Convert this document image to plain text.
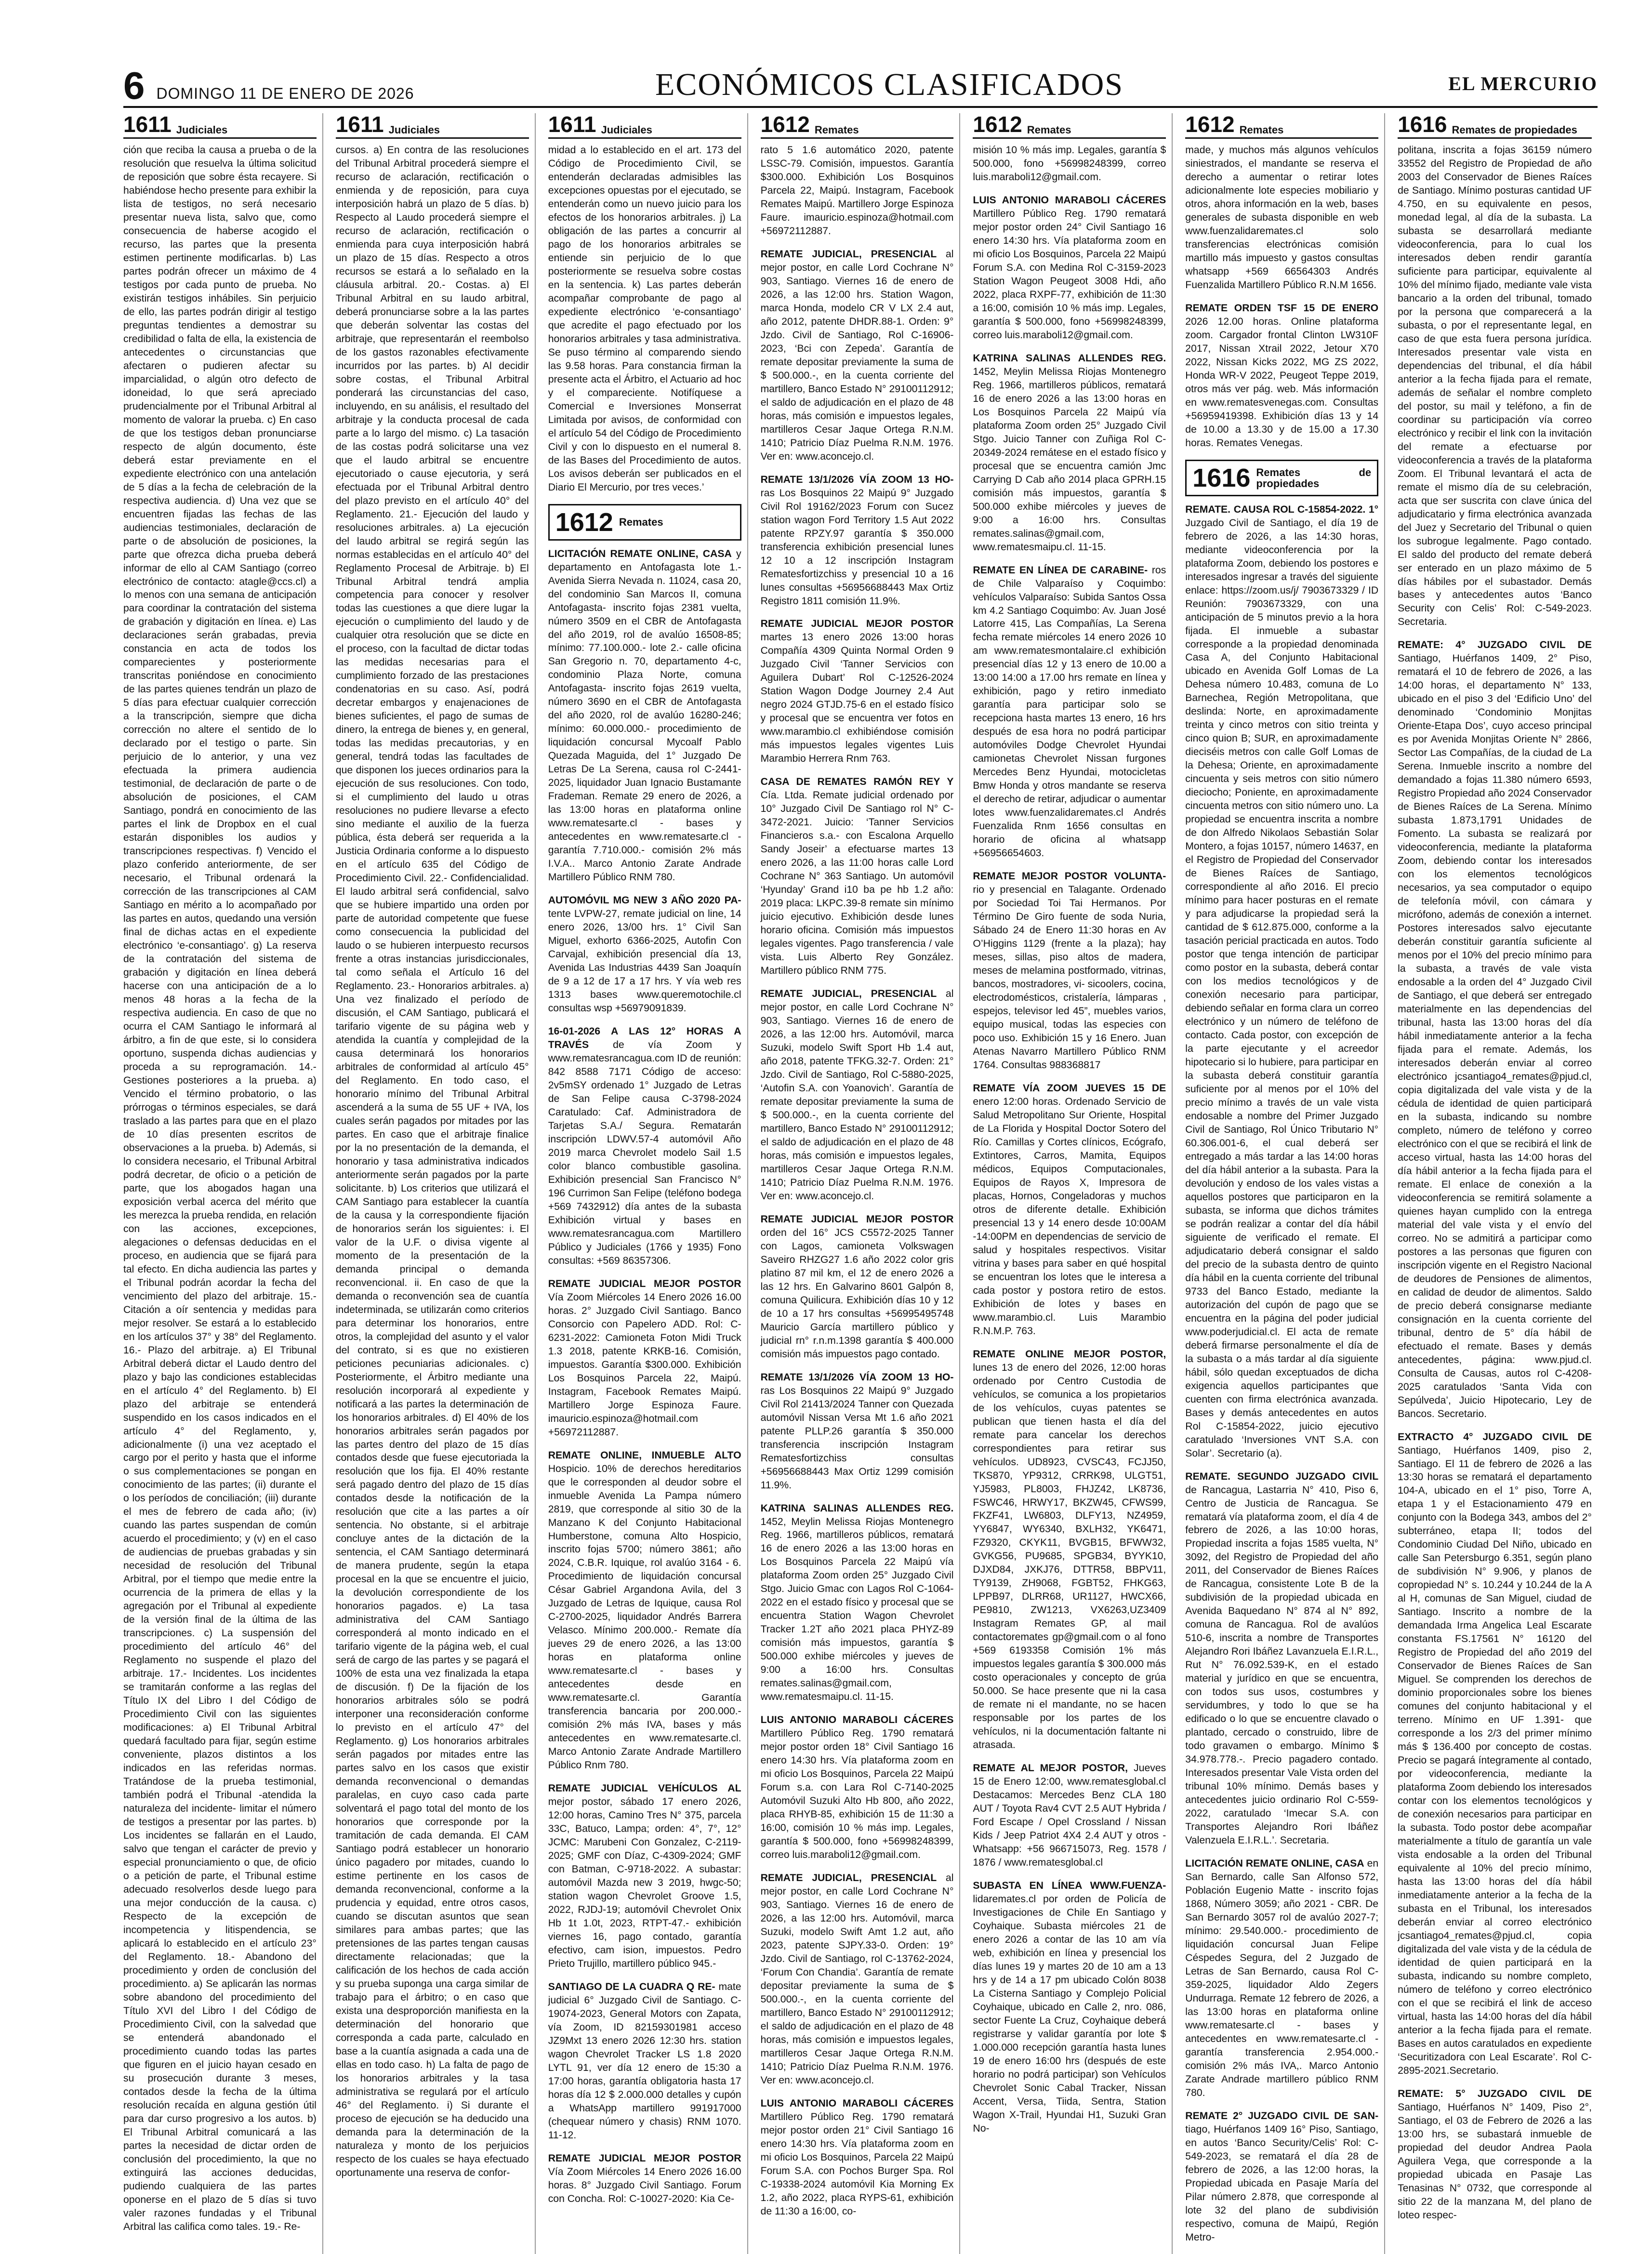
6 DOMINGO 11 DE ENERO DE 2026	ECONÓMICOS CLASIFICADOS	EL MERCURIO
1611 Judiciales

ción que reciba la causa a prueba o de la resolución que resuelva la última solicitud de reposición que sobre ésta recayere. Si habiéndose hecho presente para exhibir la lista de testigos, no será necesario presentar nueva lista, salvo que, como consecuencia de haberse acogido el recurso, las partes que la presenta estimen pertinente modificarlas. b) Las partes podrán ofrecer un máximo de 4 testigos por cada punto de prueba. No existirán testigos inhábiles. Sin perjuicio de ello, las partes podrán dirigir al testigo preguntas tendientes a demostrar su credibilidad o falta de ella, la existencia de antecedentes o circunstancias que afectaren o pudieren afectar su imparcialidad, o algún otro defecto de idoneidad, lo que será apreciado prudencialmente por el Tribunal Arbitral al momento de valorar la prueba. c) En caso de que los testigos deban pronunciarse respecto de algún documento, éste deberá estar previamente en el expediente electrónico con una antelación de 5 días a la fecha de celebración de la respectiva audiencia. d) Una vez que se encuentren fijadas las fechas de las audiencias testimoniales, declaración de parte o de absolución de posiciones, la parte que ofrezca dicha prueba deberá informar de ello al CAM Santiago (correo electrónico de contacto: atagle@ccs.cl) a lo menos con una semana de anticipación para coordinar la contratación del sistema de grabación y digitación en línea. e) Las declaraciones serán grabadas, previa constancia en acta de todos los comparecientes y posteriormente transcritas poniéndose en conocimiento de las partes quienes tendrán un plazo de 5 días para efectuar cualquier corrección a la transcripción, siempre que dicha corrección no altere el sentido de lo declarado por el testigo o parte. Sin perjuicio de lo anterior, y una vez efectuada la primera audiencia testimonial, de declaración de parte o de absolución de posiciones, el CAM Santiago, pondrá en conocimiento de las partes el link de Dropbox en el cual estarán disponibles los audios y transcripciones respectivas. f) Vencido el plazo conferido anteriormente, de ser necesario, el Tribunal ordenará la corrección de las transcripciones al CAM Santiago en mérito a lo acompañado por las partes en autos, quedando una versión final de dichas actas en el expediente electrónico ‘e-consantiago’. g) La reserva de la contratación del sistema de grabación y digitación en línea deberá hacerse con una anticipación de a lo menos 48 horas a la fecha de la respectiva audiencia. En caso de que no ocurra el CAM Santiago le informará al árbitro, a fin de que este, si lo considera oportuno, suspenda dichas audiencias y proceda a su reprogramación. 14.- Gestiones posteriores a la prueba. a) Vencido el término probatorio, o las prórrogas o términos especiales, se dará traslado a las partes para que en el plazo de 10 días presenten escritos de observaciones a la prueba. b) Además, si lo considera necesario, el Tribunal Arbitral podrá decretar, de oficio o a petición de parte, que los abogados hagan una exposición verbal acerca del mérito que les merezca la prueba rendida, en relación con las acciones, excepciones, alegaciones o defensas deducidas en el proceso, en audiencia que se fijará para tal efecto. En dicha audiencia las partes y el Tribunal podrán acordar la fecha del vencimiento del plazo del arbitraje. 15.- Citación a oír sentencia y medidas para mejor resolver. Se estará a lo establecido en los artículos 37° y 38° del Reglamento. 16.- Plazo del arbitraje. a) El Tribunal Arbitral deberá dictar el Laudo dentro del plazo y bajo las condiciones establecidas en el artículo 4° del Reglamento. b) El plazo del arbitraje se entenderá suspendido en los casos indicados en el artículo 4° del Reglamento, y, adicionalmente (i) una vez aceptado el cargo por el perito y hasta que el informe o sus complementaciones se pongan en conocimiento de las partes; (ii) durante el o los períodos de conciliación; (iii) durante el mes de febrero de cada año; (iv) cuando las partes suspendan de común acuerdo el procedimiento; y (v) en el caso de audiencias de pruebas grabadas y sin necesidad de resolución del Tribunal Arbitral, por el tiempo que medie entre la ocurrencia de la primera de ellas y la agregación por el Tribunal al expediente de la versión final de la última de las transcripciones. c) La suspensión del procedimiento del artículo 46° del Reglamento no suspende el plazo del arbitraje. 17.- Incidentes. Los incidentes se tramitarán conforme a las reglas del Título IX del Libro I del Código de Procedimiento Civil con las siguientes modificaciones: a) El Tribunal Arbitral quedará facultado para fijar, según estime conveniente, plazos distintos a los indicados en las referidas normas. Tratándose de la prueba testimonial, también podrá el Tribunal -atendida la naturaleza del incidente- limitar el número de testigos a presentar por las partes. b) Los incidentes se fallarán en el Laudo, salvo que tengan el carácter de previo y especial pronunciamiento o que, de oficio o a petición de parte, el Tribunal estime adecuado resolverlos desde luego para una mejor conducción de la causa. c) Respecto de la excepción de incompetencia y litispendencia, se aplicará lo establecido en el artículo 23° del Reglamento. 18.- Abandono del procedimiento y orden de conclusión del procedimiento. a) Se aplicarán las normas sobre abandono del procedimiento del Título XVI del Libro I del Código de Procedimiento Civil, con la salvedad que se entenderá abandonado el procedimiento cuando todas las partes que figuren en el juicio hayan cesado en su prosecución durante 3 meses, contados desde la fecha de la última resolución recaída en alguna gestión útil para dar curso progresivo a los autos. b) El Tribunal Arbitral comunicará a las partes la necesidad de dictar orden de conclusión del procedimiento, la que no extinguirá las acciones deducidas, pudiendo cualquiera de las partes oponerse en el plazo de 5 días si tuvo valer razones fundadas y el Tribunal Arbitral las califica como tales. 19.- Re-

1611 Judiciales

cursos. a) En contra de las resoluciones del Tribunal Arbitral procederá siempre el recurso de aclaración, rectificación o enmienda y de reposición, para cuya interposición habrá un plazo de 5 días. b) Respecto al Laudo procederá siempre el recurso de aclaración, rectificación o enmienda para cuya interposición habrá un plazo de 15 días. Respecto a otros recursos se estará a lo señalado en la cláusula arbitral. 20.- Costas. a) El Tribunal Arbitral en su laudo arbitral, deberá pronunciarse sobre a la las partes que deberán solventar las costas del arbitraje, que representarán el reembolso de los gastos razonables efectivamente incurridos por las partes. b) Al decidir sobre costas, el Tribunal Arbitral ponderará las circunstancias del caso, incluyendo, en su análisis, el resultado del arbitraje y la conducta procesal de cada parte a lo largo del mismo. c) La tasación de las costas podrá solicitarse una vez que el laudo arbitral se encuentre ejecutoriado o cause ejecutoria, y será efectuada por el Tribunal Arbitral dentro del plazo previsto en el artículo 40° del Reglamento. 21.- Ejecución del laudo y resoluciones arbitrales. a) La ejecución del laudo arbitral se regirá según las normas establecidas en el artículo 40° del Reglamento Procesal de Arbitraje. b) El Tribunal Arbitral tendrá amplia competencia para conocer y resolver todas las cuestiones a que diere lugar la ejecución o cumplimiento del laudo y de cualquier otra resolución que se dicte en el proceso, con la facultad de dictar todas las medidas necesarias para el cumplimiento forzado de las prestaciones condenatorias en su caso. Así, podrá decretar embargos y enajenaciones de bienes suficientes, el pago de sumas de dinero, la entrega de bienes y, en general, todas las medidas precautorias, y en general, tendrá todas las facultades de que disponen los jueces ordinarios para la ejecución de sus resoluciones. Con todo, si el cumplimiento del laudo u otras resoluciones no pudiere llevarse a efecto sino mediante el auxilio de la fuerza pública, ésta deberá ser requerida a la Justicia Ordinaria conforme a lo dispuesto en el artículo 635 del Código de Procedimiento Civil. 22.- Confidencialidad. El laudo arbitral será confidencial, salvo que se hubiere impartido una orden por parte de autoridad competente que fuese como consecuencia la publicidad del laudo o se hubieren interpuesto recursos frente a otras instancias jurisdiccionales, tal como señala el Artículo 16 del Reglamento. 23.- Honorarios arbitrales. a) Una vez finalizado el período de discusión, el CAM Santiago, publicará el tarifario vigente de su página web y atendida la cuantía y complejidad de la causa determinará los honorarios arbitrales de conformidad al artículo 45° del Reglamento. En todo caso, el honorario mínimo del Tribunal Arbitral ascenderá a la suma de 55 UF + IVA, los cuales serán pagados por mitades por las partes. En caso que el arbitraje finalice por la no presentación de la demanda, el honorario y tasa administrativa indicados anteriormente serán pagados por la parte solicitante. b) Los criterios que utilizará el CAM Santiago para establecer la cuantía de la causa y la correspondiente fijación de honorarios serán los siguientes: i. El valor de la U.F. o divisa vigente al momento de la presentación de la demanda principal o demanda reconvencional. ii. En caso de que la demanda o reconvención sea de cuantía indeterminada, se utilizarán como criterios para determinar los honorarios, entre otros, la complejidad del asunto y el valor del contrato, si es que no existieren peticiones pecuniarias adicionales. c) Posteriormente, el Árbitro mediante una resolución incorporará al expediente y notificará a las partes la determinación de los honorarios arbitrales. d) El 40% de los honorarios arbitrales serán pagados por las partes dentro del plazo de 15 días contados desde que fuese ejecutoriada la resolución que los fija. El 40% restante será pagado dentro del plazo de 15 días contados desde la notificación de la resolución que cite a las partes a oír sentencia. No obstante, si el arbitraje concluye antes de la dictación de la sentencia, el CAM Santiago determinará de manera prudente, según la etapa procesal en la que se encuentre el juicio, la devolución correspondiente de los honorarios pagados. e) La tasa administrativa del CAM Santiago corresponderá al monto indicado en el tarifario vigente de la página web, el cual será de cargo de las partes y se pagará el 100% de esta una vez finalizada la etapa de discusión. f) De la fijación de los honorarios arbitrales sólo se podrá interponer una reconsideración conforme lo previsto en el artículo 47° del Reglamento. g) Los honorarios arbitrales serán pagados por mitades entre las partes salvo en los casos que existir demanda reconvencional o demandas paralelas, en cuyo caso cada parte solventará el pago total del monto de los honorarios que corresponde por la tramitación de cada demanda. El CAM Santiago podrá establecer un honorario único pagadero por mitades, cuando lo estime pertinente en los casos de demanda reconvencional, conforme a la prudencia y equidad, entre otros casos, cuando se discutan asuntos que sean similares para ambas partes; que las pretensiones de las partes tengan causas directamente relacionadas; que la calificación de los hechos de cada acción y su prueba suponga una carga similar de trabajo para el árbitro; o en caso que exista una desproporción manifiesta en la determinación del honorario que corresponda a cada parte, calculado en base a la cuantía asignada a cada una de ellas en todo caso. h) La falta de pago de los honorarios arbitrales y la tasa administrativa se regulará por el artículo 46° del Reglamento. i) Si durante el proceso de ejecución se ha deducido una demanda para la determinación de la naturaleza y monto de los perjuicios respecto de los cuales se haya efectuado oportunamente una reserva de confor-

1611 Judiciales

midad a lo establecido en el art. 173 del Código de Procedimiento Civil, se entenderán declaradas admisibles las excepciones opuestas por el ejecutado, se entenderán como un nuevo juicio para los efectos de los honorarios arbitrales. j) La obligación de las partes a concurrir al pago de los honorarios arbitrales se entiende sin perjuicio de lo que posteriormente se resuelva sobre costas en la sentencia. k) Las partes deberán acompañar comprobante de pago al expediente electrónico ‘e-consantiago’ que acredite el pago efectuado por los honorarios arbitrales y tasa administrativa. Se puso término al comparendo siendo las 9.58 horas. Para constancia firman la presente acta el Árbitro, el Actuario ad hoc y el compareciente. Notifíquese a Comercial e Inversiones Monserrat Limitada por avisos, de conformidad con el artículo 54 del Código de Procedimiento Civil y con lo dispuesto en el numeral 8. de las Bases del Procedimiento de autos. Los avisos deberán ser publicados en el Diario El Mercurio, por tres veces.’

1612 Remates

LICITACIÓN REMATE ONLINE, CASA y departamento en Antofagasta lote 1.- Avenida Sierra Nevada n. 11024, casa 20, del condominio San Marcos II, comuna Antofagasta- inscrito fojas 2381 vuelta, número 3509 en el CBR de Antofagasta del año 2019, rol de avalúo 16508-85; mínimo: 77.100.000.- lote 2.- calle oficina San Gregorio n. 70, departamento 4-c, condominio Plaza Norte, comuna Antofagasta- inscrito fojas 2619 vuelta, número 3690 en el CBR de Antofagasta del año 2020, rol de avalúo 16280-246; mínimo: 60.000.000.- procedimiento de liquidación concursal Mycoalf Pablo Quezada Maguida, del 1° Juzgado De Letras De La Serena, causa rol C-2441-2025, liquidador Juan Ignacio Bustamante Frademan. Remate 29 enero de 2026, a las 13:00 horas en plataforma online www.rematesarte.cl - bases y antecedentes en www.rematesarte.cl - garantía 7.710.000.- comisión 2% más I.V.A.. Marco Antonio Zarate Andrade Martillero Público RNM 780.

AUTOMÓVIL MG NEW 3 AÑO 2020 PA- tente LVPW-27, remate judicial on line, 14 enero 2026, 13/00 hrs. 1° Civil San Miguel, exhorto 6366-2025, Autofin Con Carvajal, exhibición presencial día 13, Avenida Las Industrias 4439 San Joaquín de 9 a 12 de 17 a 17 hrs. Y vía web res 1313 bases www.queremotochile.cl consultas wsp +56979091839.

16-01-2026 A LAS 12° HORAS A TRAVÉS de vía Zoom y www.rematesrancagua.com ID de reunión: 842 8588 7171 Código de acceso: 2v5mSY ordenado 1° Juzgado de Letras de San Felipe causa C-3798-2024 Caratulado: Caf. Administradora de Tarjetas S.A./ Segura. Rematarán inscripción LDWV.57-4 automóvil Año 2019 marca Chevrolet modelo Sail 1.5 color blanco combustible gasolina. Exhibición presencial San Francisco N° 196 Currimon San Felipe (teléfono bodega +569 7432912) día antes de la subasta Exhibición virtual y bases en www.rematesrancagua.com Martillero Público y Judiciales (1766 y 1935) Fono consultas: +569 86357306.

REMATE JUDICIAL MEJOR POSTOR Vía Zoom Miércoles 14 Enero 2026 16.00 horas. 2° Juzgado Civil Santiago. Banco Consorcio con Papelero ADD. Rol: C-6231-2022: Camioneta Foton Midi Truck 1.3 2018, patente KRKB-16. Comisión, impuestos. Garantía $300.000. Exhibición Los Bosquinos Parcela 22, Maipú. Instagram, Facebook Remates Maipú. Martillero Jorge Espinoza Faure. imauricio.espinoza@hotmail.com +56972112887.

REMATE ONLINE, INMUEBLE ALTO Hospicio. 10% de derechos hereditarios que le corresponden al deudor sobre el inmueble Avenida La Pampa número 2819, que corresponde al sitio 30 de la Manzano K del Conjunto Habitacional Humberstone, comuna Alto Hospicio, inscrito fojas 5700; número 3861; año 2024, C.B.R. Iquique, rol avalúo 3164 - 6. Procedimiento de liquidación concursal César Gabriel Argandona Avila, del 3 Juzgado de Letras de Iquique, causa Rol C-2700-2025, liquidador Andrés Barrera Velasco. Mínimo 200.000.- Remate día jueves 29 de enero 2026, a las 13:00 horas en plataforma online www.rematesarte.cl - bases y antecedentes desde en www.rematesarte.cl. Garantía transferencia bancaria por 200.000.- comisión 2% más IVA, bases y más antecedentes en www.rematesarte.cl. Marco Antonio Zarate Andrade Martillero Público Rnm 780.

REMATE JUDICIAL VEHÍCULOS AL mejor postor, sábado 17 enero 2026, 12:00 horas, Camino Tres N° 375, parcela 33C, Batuco, Lampa; orden: 4°, 7°, 12° JCMC: Marubeni Con Gonzalez, C-2119-2025; GMF con Díaz, C-4309-2024; GMF con Batman, C-9718-2022. A subastar: automóvil Mazda new 3 2019, hwgc-50; station wagon Chevrolet Groove 1.5, 2022, RJDJ-19; automóvil Chevrolet Onix Hb 1t 1.0t, 2023, RTPT-47.- exhibición viernes 16, pago contado, garantía efectivo, cam ision, impuestos. Pedro Prieto Trujillo, martillero público 945.-

SANTIAGO DE LA CUADRA Q RE- mate judicial 6° Juzgado Civil de Santiago. C-19074-2023, General Motors con Zapata, vía Zoom, ID 82159301981 acceso JZ9Mxt 13 enero 2026 12:30 hrs. station wagon Chevrolet Tracker LS 1.8 2020 LYTL 91, ver día 12 enero de 15:30 a 17:00 horas, garantía obligatoria hasta 17 horas día 12 $ 2.000.000 detalles y cupón a WhatsApp martillero 991917000 (chequear número y chasis) RNM 1070. 11-12.

REMATE JUDICIAL MEJOR POSTOR Vía Zoom Miércoles 14 Enero 2026 16.00 horas. 8° Juzgado Civil Santiago. Forum con Concha. Rol: C-10027-2020: Kia Ce-

1612 Remates

rato 5 1.6 automático 2020, patente LSSC-79. Comisión, impuestos. Garantía $300.000. Exhibición Los Bosquinos Parcela 22, Maipú. Instagram, Facebook Remates Maipú. Martillero Jorge Espinoza Faure. imauricio.espinoza@hotmail.com +56972112887.

REMATE JUDICIAL, PRESENCIAL al mejor postor, en calle Lord Cochrane N° 903, Santiago. Viernes 16 de enero de 2026, a las 12:00 hrs. Station Wagon, marca Honda, modelo CR V LX 2.4 aut, año 2012, patente DHDR.88-1. Orden: 9° Jzdo. Civil de Santiago, Rol C-16906-2023, ‘Bci con Zepeda’. Garantía de remate depositar previamente la suma de $ 500.000.-, en la cuenta corriente del martillero, Banco Estado N° 29100112912; el saldo de adjudicación en el plazo de 48 horas, más comisión e impuestos legales, martilleros Cesar Jaque Ortega R.N.M. 1410; Patricio Díaz Puelma R.N.M. 1976. Ver en: www.aconcejo.cl.

REMATE 13/1/2026 VÍA ZOOM 13 HO- ras Los Bosquinos 22 Maipú 9° Juzgado Civil Rol 19162/2023 Forum con Sucez station wagon Ford Territory 1.5 Aut 2022 patente RPZY.97 garantía $ 350.000 transferencia exhibición presencial lunes 12 10 a 12 inscripción Instagram Rematesfortizchiss y presencial 10 a 16 lunes consultas +56956688443 Max Ortiz Registro 1811 comisión 11.9%.

REMATE JUDICIAL MEJOR POSTOR martes 13 enero 2026 13:00 horas Compañía 4309 Quinta Normal Orden 9 Juzgado Civil ‘Tanner Servicios con Aguilera Dubart’ Rol C-12526-2024 Station Wagon Dodge Journey 2.4 Aut negro 2024 GTJD.75-6 en el estado físico y procesal que se encuentra ver fotos en www.marambio.cl exhibiéndose comisión más impuestos legales vigentes Luis Marambio Herrera Rnm 763.

CASA DE REMATES RAMÓN REY Y Cía. Ltda. Remate judicial ordenado por 10° Juzgado Civil De Santiago rol N° C-3472-2021. Juicio: ‘Tanner Servicios Financieros s.a.- con Escalona Arquello Sandy Joseir’ a efectuarse martes 13 enero 2026, a las 11:00 horas calle Lord Cochrane N° 363 Santiago. Un automóvil ‘Hyunday’ Grand i10 ba pe hb 1.2 año: 2019 placa: LKPC.39-8 remate sin mínimo juicio ejecutivo. Exhibición desde lunes horario oficina. Comisión más impuestos legales vigentes. Pago transferencia / vale vista. Luis Alberto Rey González. Martillero público RNM 775.

REMATE JUDICIAL, PRESENCIAL al mejor postor, en calle Lord Cochrane N° 903, Santiago. Viernes 16 de enero de 2026, a las 12:00 hrs. Automóvil, marca Suzuki, modelo Swift Sport Hb 1.4 aut, año 2018, patente TFKG.32-7. Orden: 21° Jzdo. Civil de Santiago, Rol C-5880-2025, ‘Autofin S.A. con Yoanovich’. Garantía de remate depositar previamente la suma de $ 500.000.-, en la cuenta corriente del martillero, Banco Estado N° 29100112912; el saldo de adjudicación en el plazo de 48 horas, más comisión e impuestos legales, martilleros Cesar Jaque Ortega R.N.M. 1410; Patricio Díaz Puelma R.N.M. 1976. Ver en: www.aconcejo.cl.

REMATE JUDICIAL MEJOR POSTOR orden del 16° JCS C5572-2025 Tanner con Lagos, camioneta Volkswagen Saveiro RHZG27 1.6 año 2022 color gris platino 87 mil km, el 12 de enero 2026 a las 12 hrs. En Galvarino 8601 Galpón 8, comuna Quilicura. Exhibición días 10 y 12 de 10 a 17 hrs consultas +56995495748 Mauricio García martillero público y judicial rn° r.n.m.1398 garantía $ 400.000 comisión más impuestos pago contado.

REMATE 13/1/2026 VÍA ZOOM 13 HO- ras Los Bosquinos 22 Maipú 9° Juzgado Civil Rol 21413/2024 Tanner con Quezada automóvil Nissan Versa Mt 1.6 año 2021 patente PLLP.26 garantía $ 350.000 transferencia inscripción Instagram Rematesfortizchiss consultas +56956688443 Max Ortiz 1299 comisión 11.9%.

KATRINA SALINAS ALLENDES REG. 1452, Meylin Melissa Riojas Montenegro Reg. 1966, martilleros públicos, rematará 16 de enero 2026 a las 13:00 horas en Los Bosquinos Parcela 22 Maipú vía plataforma Zoom orden 25° Juzgado Civil Stgo. Juicio Gmac con Lagos Rol C-1064-2022 en el estado físico y procesal que se encuentra Station Wagon Chevrolet Tracker 1.2T año 2021 placa PHYZ-89 comisión más impuestos, garantía $ 500.000 exhibe miércoles y jueves de 9:00 a 16:00 hrs. Consultas remates.salinas@gmail.com, www.rematesmaipu.cl. 11-15.

LUIS ANTONIO MARABOLI CÁCERES Martillero Público Reg. 1790 rematará mejor postor orden 18° Civil Santiago 16 enero 14:30 hrs. Vía plataforma zoom en mi oficio Los Bosquinos, Parcela 22 Maipú Forum s.a. con Lara Rol C-7140-2025 Automóvil Suzuki Alto Hb 800, año 2022, placa RHYB-85, exhibición 15 de 11:30 a 16:00, comisión 10 % más imp. Legales, garantía $ 500.000, fono +56998248399, correo luis.maraboli12@gmail.com.

REMATE JUDICIAL, PRESENCIAL al mejor postor, en calle Lord Cochrane N° 903, Santiago. Viernes 16 de enero de 2026, a las 12:00 hrs. Automóvil, marca Suzuki, modelo Swift Amt 1.2 aut, año 2023, patente SJPY.33-0. Orden: 19° Jzdo. Civil de Santiago, rol C-13762-2024, ‘Forum Con Chandia’. Garantía de remate depositar previamente la suma de $ 500.000.-, en la cuenta corriente del martillero, Banco Estado N° 29100112912; el saldo de adjudicación en el plazo de 48 horas, más comisión e impuestos legales, martilleros Cesar Jaque Ortega R.N.M. 1410; Patricio Díaz Puelma R.N.M. 1976. Ver en: www.aconcejo.cl.

LUIS ANTONIO MARABOLI CÁCERES Martillero Público Reg. 1790 rematará mejor postor orden 21° Civil Santiago 16 enero 14:30 hrs. Vía plataforma zoom en mi oficio Los Bosquinos, Parcela 22 Maipú Forum S.A. con Pochos Burger Spa. Rol C-19338-2024 automóvil Kia Morning Ex 1.2, año 2022, placa RYPS-61, exhibición de 11:30 a 16:00, co-

1612 Remates

misión 10 % más imp. Legales, garantía $ 500.000, fono +56998248399, correo luis.maraboli12@gmail.com.

LUIS ANTONIO MARABOLI CÁCERES Martillero Público Reg. 1790 rematará mejor postor orden 24° Civil Santiago 16 enero 14:30 hrs. Vía plataforma zoom en mi oficio Los Bosquinos, Parcela 22 Maipú Forum S.A. con Medina Rol C-3159-2023 Station Wagon Peugeot 3008 Hdi, año 2022, placa RXPF-77, exhibición de 11:30 a 16:00, comisión 10 % más imp. Legales, garantía $ 500.000, fono +56998248399, correo luis.maraboli12@gmail.com.

KATRINA SALINAS ALLENDES REG. 1452, Meylin Melissa Riojas Montenegro Reg. 1966, martilleros públicos, rematará 16 de enero 2026 a las 13:00 horas en Los Bosquinos Parcela 22 Maipú vía plataforma Zoom orden 25° Juzgado Civil Stgo. Juicio Tanner con Zuñiga Rol C-20349-2024 remátese en el estado físico y procesal que se encuentra camión Jmc Carrying D Cab año 2014 placa GPRH.15 comisión más impuestos, garantía $ 500.000 exhibe miércoles y jueves de 9:00 a 16:00 hrs. Consultas remates.salinas@gmail.com, www.rematesmaipu.cl. 11-15.

REMATE EN LÍNEA DE CARABINE- ros de Chile Valparaíso y Coquimbo: vehículos Valparaíso: Subida Santos Ossa km 4.2 Santiago Coquimbo: Av. Juan José Latorre 415, Las Compañías, La Serena fecha remate miércoles 14 enero 2026 10 am www.rematesmontalaire.cl exhibición presencial días 12 y 13 enero de 10.00 a 13:00 14:00 a 17.00 hrs remate en línea y exhibición, pago y retiro inmediato garantía para participar solo se recepciona hasta martes 13 enero, 16 hrs después de esa hora no podrá participar automóviles Dodge Chevrolet Hyundai camionetas Chevrolet Nissan furgones Mercedes Benz Hyundai, motocicletas Bmw Honda y otros mandante se reserva el derecho de retirar, adjudicar o aumentar lotes www.fuenzalidaremates.cl Andrés Fuenzalida Rnm 1656 consultas en horario de oficina al whatsapp +56956654603.

REMATE MEJOR POSTOR VOLUNTA- rio y presencial en Talagante. Ordenado por Sociedad Toi Tai Hermanos. Por Término De Giro fuente de soda Nuria, Sábado 24 de Enero 11:30 horas en Av O’Higgins 1129 (frente a la plaza); hay meses, sillas, piso altos de madera, meses de melamina postformado, vitrinas, bancos, mostradores, vi- sicoolers, cocina, electrodomésticos, cristalería, lámparas , espejos, televisor led 45”, muebles varios, equipo musical, todas las especies con poco uso. Exhibición 15 y 16 Enero. Juan Atenas Navarro Martillero Público RNM 1764. Consultas 988368817

REMATE VÍA ZOOM JUEVES 15 DE enero 12:00 horas. Ordenado Servicio de Salud Metropolitano Sur Oriente, Hospital de La Florida y Hospital Doctor Sotero del Río. Camillas y Cortes clínicos, Ecógrafo, Extintores, Carros, Mamita, Equipos médicos, Equipos Computacionales, Equipos de Rayos X, Impresora de placas, Hornos, Congeladoras y muchos otros de diferente detalle. Exhibición presencial 13 y 14 enero desde 10:00AM -14:00PM en dependencias de servicio de salud y hospitales respectivos. Visitar vitrina y bases para saber en qué hospital se encuentran los lotes que le interesa a cada postor y postora retiro de estos. Exhibición de lotes y bases en www.marambio.cl. Luis Marambio R.N.M.P. 763.

REMATE ONLINE MEJOR POSTOR, lunes 13 de enero del 2026, 12:00 horas ordenado por Centro Custodia de vehículos, se comunica a los propietarios de los vehículos, cuyas patentes se publican que tienen hasta el día del remate para cancelar los derechos correspondientes para retirar sus vehículos. UD8923, CVSC43, FCJJ50, TKS870, YP9312, CRRK98, ULGT51, YJ5983, PL8003, FHJZ42, LK8736, FSWC46, HRWY17, BKZW45, CFWS99, FKZF41, LW6803, DLFY13, NZ4959, YY6847, WY6340, BXLH32, YK6471, FZ9320, CKYK11, BVGB15, BFWW32, GVKG56, PU9685, SPGB34, BYYK10, DJXD84, JXKJ76, DTTR58, BBPV11, TY9139, ZH9068, FGBT52, FHKG63, LPPB97, DLRR68, UR1127, HWCX66, PE9810, ZW1213, VX6263,UZ3409 Instagram Remates GP, al mail contactoremates gp@gmail.com o al fono +569 6193358 Comisión 1% más impuestos legales garantía $ 300.000 más costo operacionales y concepto de grúa 50.000. Se hace presente que ni la casa de remate ni el mandante, no se hacen responsable por los partes de los vehículos, ni la documentación faltante ni atrasada.

REMATE AL MEJOR POSTOR, Jueves 15 de Enero 12:00, www.rematesglobal.cl Destacamos: Mercedes Benz CLA 180 AUT / Toyota Rav4 CVT 2.5 AUT Hybrida / Ford Escape / Opel Crossland / Nissan Kids / Jeep Patriot 4X4 2.4 AUT y otros - Whatsapp: +56 966715073, Reg. 1578 / 1876 / www.rematesglobal.cl

SUBASTA EN LÍNEA WWW.FUENZA- lidaremates.cl por orden de Policía de Investigaciones de Chile En Santiago y Coyhaique. Subasta miércoles 21 de enero 2026 a contar de las 10 am vía web, exhibición en línea y presencial los días lunes 19 y martes 20 de 10 am a 13 hrs y de 14 a 17 pm ubicado Colón 8038 La Cisterna Santiago y Complejo Policial Coyhaique, ubicado en Calle 2, nro. 086, sector Fuente La Cruz, Coyhaique deberá registrarse y validar garantía por lote $ 1.000.000 recepción garantía hasta lunes 19 de enero 16:00 hrs (después de este horario no podrá participar) son Vehículos Chevrolet Sonic Cabal Tracker, Nissan Accent, Versa, Tiida, Sentra, Station Wagon X-Trail, Hyundai H1, Suzuki Gran No-

1612 Remates

made, y muchos más algunos vehículos siniestrados, el mandante se reserva el derecho a aumentar o retirar lotes adicionalmente lote especies mobiliario y otros, ahora información en la web, bases generales de subasta disponible en web www.fuenzalidaremates.cl solo transferencias electrónicas comisión martillo más impuesto y gastos consultas whatsapp +569 66564303 Andrés Fuenzalida Martillero Público R.N.M 1656.

REMATE ORDEN TSF 15 DE ENERO 2026 12.00 horas. Online plataforma zoom. Cargador frontal Clinton LW310F 2017, Nissan Xtrail 2022, Jetour X70 2022, Nissan Kicks 2022, MG ZS 2022, Honda WR-V 2022, Peugeot Teppe 2019, otros más ver pág. web. Más información en www.rematesvenegas.com. Consultas +56959419398. Exhibición días 13 y 14 de 10.00 a 13.30 y de 15.00 a 17.30 horas. Remates Venegas.

1616 Remates de propiedades

REMATE. CAUSA ROL C-15854-2022. 1° Juzgado Civil de Santiago, el día 19 de febrero de 2026, a las 14:30 horas, mediante videoconferencia por la plataforma Zoom, debiendo los postores e interesados ingresar a través del siguiente enlace: https://zoom.us/j/ 7903673329 / ID Reunión: 7903673329, con una anticipación de 5 minutos previo a la hora fijada. El inmueble a subastar corresponde a la propiedad denominada Casa A, del Conjunto Habitacional ubicado en Avenida Golf Lomas de La Dehesa número 10.483, comuna de Lo Barnechea, Región Metropolitana, que deslinda: Norte, en aproximadamente treinta y cinco metros con sitio treinta y cinco quion B; SUR, en aproximadamente dieciséis metros con calle Golf Lomas de la Dehesa; Oriente, en aproximadamente cincuenta y seis metros con sitio número dieciocho; Poniente, en aproximadamente cincuenta metros con sitio número uno. La propiedad se encuentra inscrita a nombre de don Alfredo Nikolaos Sebastián Solar Montero, a fojas 10157, número 14637, en el Registro de Propiedad del Conservador de Bienes Raíces de Santiago, correspondiente al año 2016. El precio mínimo para hacer posturas en el remate y para adjudicarse la propiedad será la cantidad de $ 612.875.000, conforme a la tasación pericial practicada en autos. Todo postor que tenga intención de participar como postor en la subasta, deberá contar con los medios tecnológicos y de conexión necesario para participar, debiendo señalar en forma clara un correo electrónico y un número de teléfono de contacto. Cada postor, con excepción de la parte ejecutante y el acreedor hipotecario si lo hubiere, para participar en la subasta deberá constituir garantía suficiente por al menos por el 10% del precio mínimo a través de un vale vista endosable a nombre del Primer Juzgado Civil de Santiago, Rol Único Tributario N° 60.306.001-6, el cual deberá ser entregado a más tardar a las 14:00 horas del día hábil anterior a la subasta. Para la devolución y endoso de los vales vistas a aquellos postores que participaron en la subasta, se informa que dichos trámites se podrán realizar a contar del día hábil siguiente de verificado el remate. El adjudicatario deberá consignar el saldo del precio de la subasta dentro de quinto día hábil en la cuenta corriente del tribunal 9733 del Banco Estado, mediante la autorización del cupón de pago que se encuentra en la página del poder judicial www.poderjudicial.cl. El acta de remate deberá firmarse personalmente el día de la subasta o a más tardar al día siguiente hábil, sólo quedan exceptuados de dicha exigencia aquellos participantes que cuenten con firma electrónica avanzada. Bases y demás antecedentes en autos Rol C-15854-2022, juicio ejecutivo caratulado ‘Inversiones VNT S.A. con Solar’. Secretario (a).

REMATE. SEGUNDO JUZGADO CIVIL de Rancagua, Lastarria N° 410, Piso 6, Centro de Justicia de Rancagua. Se rematará vía plataforma zoom, el día 4 de febrero de 2026, a las 10:00 horas, Propiedad inscrita a fojas 1585 vuelta, N° 3092, del Registro de Propiedad del año 2011, del Conservador de Bienes Raíces de Rancagua, consistente Lote B de la subdivisión de la propiedad ubicada en Avenida Baquedano N° 874 al N° 892, comuna de Rancagua. Rol de avalúos 510-6, inscrita a nombre de Transportes Alejandro Rori Ibáñez Lavanzuela E.I.R.L., Rut N° 76.092.539-K, en el estado material y jurídico en que se encuentra, con todos sus usos, costumbres y servidumbres, y todo lo que se ha edificado o lo que se encuentre clavado o plantado, cercado o construido, libre de todo gravamen o embargo. Mínimo $ 34.978.778.-. Precio pagadero contado. Interesados presentar Vale Vista orden del tribunal 10% mínimo. Demás bases y antecedentes juicio ordinario Rol C-559-2022, caratulado ‘Imecar S.A. con Transportes Alejandro Rori Ibáñez Valenzuela E.I.R.L.’. Secretaria.

LICITACIÓN REMATE ONLINE, CASA en San Bernardo, calle San Alfonso 572, Población Eugenio Matte - inscrito fojas 1868, Número 3059; año 2021 - CBR. De San Bernardo 3057 rol de avalúo 2027-7; mínimo: 29.540.000.- procedimiento de liquidación concursal Juan Felipe Céspedes Segura, del 2 Juzgado de Letras de San Bernardo, causa Rol C-359-2025, liquidador Aldo Zegers Undurraga. Remate 12 febrero de 2026, a las 13:00 horas en plataforma online www.rematesarte.cl - bases y antecedentes en www.rematesarte.cl - garantía transferencia 2.954.000.- comisión 2% más IVA,. Marco Antonio Zarate Andrade martillero público RNM 780.

REMATE 2° JUZGADO CIVIL DE SAN- tiago, Huérfanos 1409 16° Piso, Santiago, en autos ‘Banco Security/Celis’ Rol: C-549-2023, se rematará el día 28 de febrero de 2026, a las 12:00 horas, la Propiedad ubicada en Pasaje María del Pilar número 2.878, que corresponde al lote 32 del plano de subdivisión respectivo, comuna de Maipú, Región Metro-

1616 Remates de propiedades

politana, inscrita a fojas 36159 número 33552 del Registro de Propiedad de año 2003 del Conservador de Bienes Raíces de Santiago. Mínimo posturas cantidad UF 4.750, en su equivalente en pesos, monedad legal, al día de la subasta. La subasta se desarrollará mediante videoconferencia, para lo cual los interesados deben rendir garantía suficiente para participar, equivalente al 10% del mínimo fijado, mediante vale vista bancario a la orden del tribunal, tomado por la persona que comparecerá a la subasta, o por el representante legal, en caso de que esta fuera persona jurídica. Interesados presentar vale vista en dependencias del tribunal, el día hábil anterior a la fecha fijada para el remate, además de señalar el nombre completo del postor, su mail y teléfono, a fin de coordinar su participación vía correo electrónico y recibir el link con la invitación del remate a efectuarse por videoconferencia a través de la plataforma Zoom. El Tribunal levantará el acta de remate el mismo día de su celebración, acta que ser suscrita con clave única del adjudicatario y firma electrónica avanzada del Juez y Secretario del Tribunal o quien los subrogue legalmente. Pago contado. El saldo del producto del remate deberá ser enterado en un plazo máximo de 5 días hábiles por el subastador. Demás bases y antecedentes autos ‘Banco Security con Celis’ Rol: C-549-2023. Secretaria.

REMATE: 4° JUZGADO CIVIL DE Santiago, Huérfanos 1409, 2° Piso, rematará el 10 de febrero de 2026, a las 14:00 horas, el departamento N° 133, ubicado en el piso 3 del ‘Edificio Uno’ del denominado ‘Condominio Monjitas Oriente-Etapa Dos’, cuyo acceso principal es por Avenida Monjitas Oriente N° 2866, Sector Las Compañías, de la ciudad de La Serena. Inmueble inscrito a nombre del demandado a fojas 11.380 número 6593, Registro Propiedad año 2024 Conservador de Bienes Raíces de La Serena. Mínimo subasta 1.873,1791 Unidades de Fomento. La subasta se realizará por videoconferencia, mediante la plataforma Zoom, debiendo contar los interesados con los elementos tecnológicos necesarios, ya sea computador o equipo de telefonía móvil, con cámara y micrófono, además de conexión a internet. Postores interesados salvo ejecutante deberán constituir garantía suficiente al menos por el 10% del precio mínimo para la subasta, a través de vale vista endosable a la orden del 4° Juzgado Civil de Santiago, el que deberá ser entregado materialmente en las dependencias del tribunal, hasta las 13:00 horas del día hábil inmediatamente anterior a la fecha fijada para el remate. Además, los interesados deberán enviar al correo electrónico jcsantiago4_remates@pjud.cl, copia digitalizada del vale vista y de la cédula de identidad de quien participará en la subasta, indicando su nombre completo, número de teléfono y correo electrónico con el que se recibirá el link de acceso virtual, hasta las 14:00 horas del día hábil anterior a la fecha fijada para el remate. El enlace de conexión a la videoconferencia se remitirá solamente a quienes hayan cumplido con la entrega material del vale vista y el envío del correo. No se admitirá a participar como postores a las personas que figuren con inscripción vigente en el Registro Nacional de deudores de Pensiones de alimentos, en calidad de deudor de alimentos. Saldo de precio deberá consignarse mediante consignación en la cuenta corriente del tribunal, dentro de 5° día hábil de efectuado el remate. Bases y demás antecedentes, página: www.pjud.cl. Consulta de Causas, autos rol C-4208-2025 caratulados ‘Santa Vida con Sepúlveda’, Juicio Hipotecario, Ley de Bancos. Secretario.

EXTRACTO 4° JUZGADO CIVIL DE Santiago, Huérfanos 1409, piso 2, Santiago. El 11 de febrero de 2026 a las 13:30 horas se rematará el departamento 104-A, ubicado en el 1° piso, Torre A, etapa 1 y el Estacionamiento 479 en conjunto con la Bodega 343, ambos del 2° subterráneo, etapa II; todos del Condominio Ciudad Del Niño, ubicado en calle San Petersburgo 6.351, según plano de subdivisión N° 9.906, y planos de copropiedad N° s. 10.244 y 10.244 de la A al H, comunas de San Miguel, ciudad de Santiago. Inscrito a nombre de la demandada Irma Angelica Leal Escarate constanta FS.17561 N° 16120 del Registro de Propiedad del año 2019 del Conservador de Bienes Raíces de San Miguel. Se comprenden los derechos de dominio proporcionales sobre los bienes comunes del conjunto habitacional y el terreno. Mínimo en UF 1.391- que corresponde a los 2/3 del primer mínimo más $ 136.400 por concepto de costas. Precio se pagará íntegramente al contado, por videoconferencia, mediante la plataforma Zoom debiendo los interesados contar con los elementos tecnológicos y de conexión necesarios para participar en la subasta. Todo postor debe acompañar materialmente a título de garantía un vale vista endosable a la orden del Tribunal equivalente al 10% del precio mínimo, hasta las 13:00 horas del día hábil inmediatamente anterior a la fecha de la subasta en el Tribunal, los interesados deberán enviar al correo electrónico jcsantiago4_remates@pjud.cl, copia digitalizada del vale vista y de la cédula de identidad de quien participará en la subasta, indicando su nombre completo, número de teléfono y correo electrónico con el que se recibirá el link de acceso virtual, hasta las 14:00 horas del día hábil anterior a la fecha fijada para el remate. Bases en autos caratulados en expediente ‘Securitizadora con Leal Escarate’. Rol C-2895-2021.Secretario.

REMATE: 5° JUZGADO CIVIL DE Santiago, Huérfanos N° 1409, Piso 2°, Santiago, el 03 de Febrero de 2026 a las 13:00 hrs, se subastará inmueble de propiedad del deudor Andrea Paola Aguilera Vega, que corresponde a la propiedad ubicada en Pasaje Las Tenasinas N° 0732, que corresponde al sitio 22 de la manzana M, del plano de loteo respec-
